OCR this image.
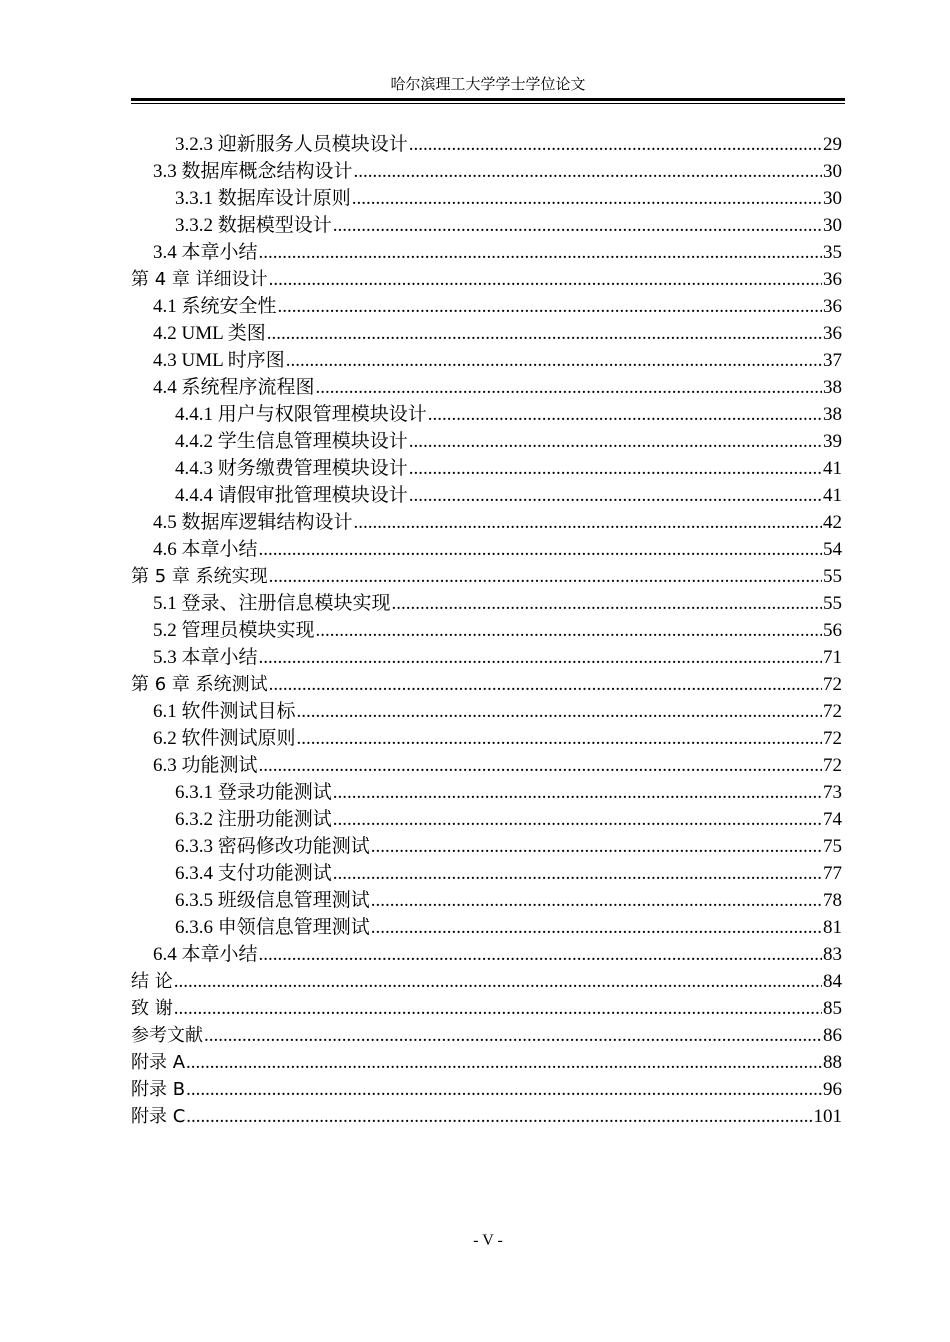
哈尔滨理工大学学士学位论文
3.2.3 迎新服务人员模块设计 .....	29
3.3 数据库概念结构设计 .....	30
3.3.1 数据库设计原则 .....	30
3.3.2 数据模型设计 .....	30
3.4 本章小结 .....	35
第 4 章 详细设计 .....	36
4.1 系统安全性 .....	36
4.2 UML 类图 .....	36
4.3 UML 时序图 .....	37
4.4 系统程序流程图 .....	38
4.4.1 用户与权限管理模块设计 .....	38
4.4.2 学生信息管理模块设计 .....	39
4.4.3 财务缴费管理模块设计 .....	41
4.4.4 请假审批管理模块设计 .....	41
4.5 数据库逻辑结构设计 .....	42
4.6 本章小结 .....	54
第 5 章 系统实现 .....	55
5.1 登录、注册信息模块实现 .....	55
5.2 管理员模块实现 .....	56
5.3 本章小结 .....	71
第 6 章 系统测试 .....	72
6.1 软件测试目标 .....	72
6.2 软件测试原则 .....	72
6.3 功能测试 .....	72
6.3.1 登录功能测试 .....	73
6.3.2 注册功能测试 .....	74
6.3.3 密码修改功能测试 .....	75
6.3.4 支付功能测试 .....	77
6.3.5 班级信息管理测试 .....	78
6.3.6 申领信息管理测试 .....	81
6.4 本章小结 .....	83
结 论 .....	84
致 谢 .....	85
参考文献 .....	86
附录 A .....	88
附录 B .....	96
附录 C .....	101
- V -
